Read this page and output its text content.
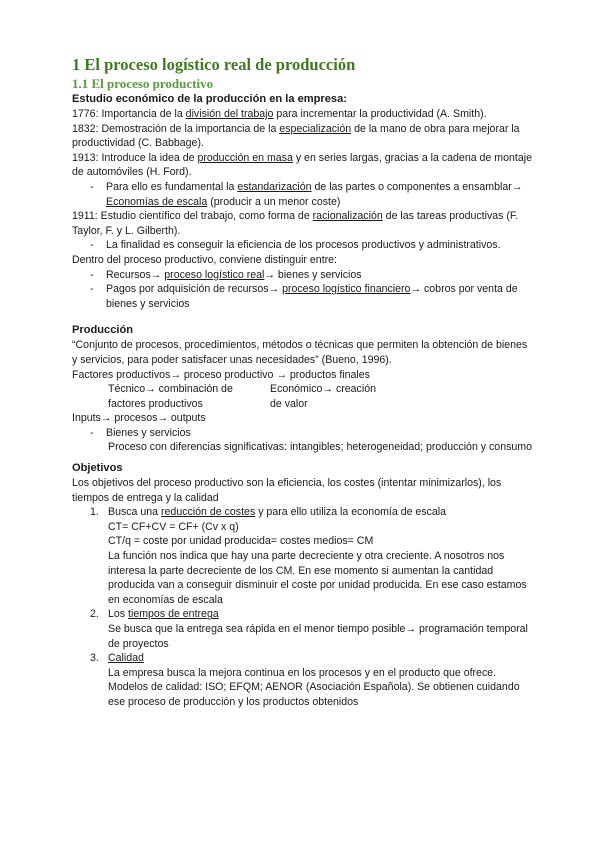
1 El proceso logístico real de producción
1.1 El proceso productivo
Estudio económico de la producción en la empresa:

1776: Importancia de la división del trabajo para incrementar la productividad (A. Smith).

1832: Demostración de la importancia de la especialización de la mano de obra para mejorar la productividad (C. Babbage).

1913: Introduce la idea de producción en masa y en series largas, gracias a la cadena de montaje de automóviles (H. Ford).

- Para ello es fundamental la estandarización de las partes o componentes a ensamblar→ Economías de escala (producir a un menor coste)

1911: Estudio científico del trabajo, como forma de racionalización de las tareas productivas (F. Taylor, F. y L. Gilberth).

- La finalidad es conseguir la eficiencia de los procesos productivos y administrativos.

Dentro del proceso productivo, conviene distinguir entre:

- Recursos→ proceso logístico real→ bienes y servicios
- Pagos por adquisición de recursos→ proceso logístico financiero→ cobros por venta de bienes y servicios
Producción

“Conjunto de procesos, procedimientos, métodos o técnicas que permiten la obtención de bienes y servicios, para poder satisfacer unas necesidades” (Bueno, 1996).

Factores productivos→ proceso productivo → productos finales

Técnico→ combinación de
factores productivos
Económico→ creación
de valor

Inputs→ procesos→ outputs

- Bienes y servicios
Proceso con diferencias significativas: intangibles; heterogeneidad; producción y consumo
Objetivos

Los objetivos del proceso productivo son la eficiencia, los costes (intentar minimizarlos), los tiempos de entrega y la calidad

1. Busca una reducción de costes y para ello utiliza la economía de escala
CT= CF+CV = CF+ (Cv x q)
CT/q = coste por unidad producida= costes medios= CM
La función nos indica que hay una parte decreciente y otra creciente. A nosotros nos interesa la parte decreciente de los CM. En ese momento si aumentan la cantidad producida van a conseguir disminuir el coste por unidad producida. En ese caso estamos en economías de escala
2. Los tiempos de entrega
Se busca que la entrega sea rápida en el menor tiempo posible→ programación temporal de proyectos
3. Calidad
La empresa busca la mejora continua en los procesos y en el producto que ofrece. Modelos de calidad: ISO; EFQM; AENOR (Asociación Española). Se obtienen cuidando ese proceso de producción y los productos obtenidos
